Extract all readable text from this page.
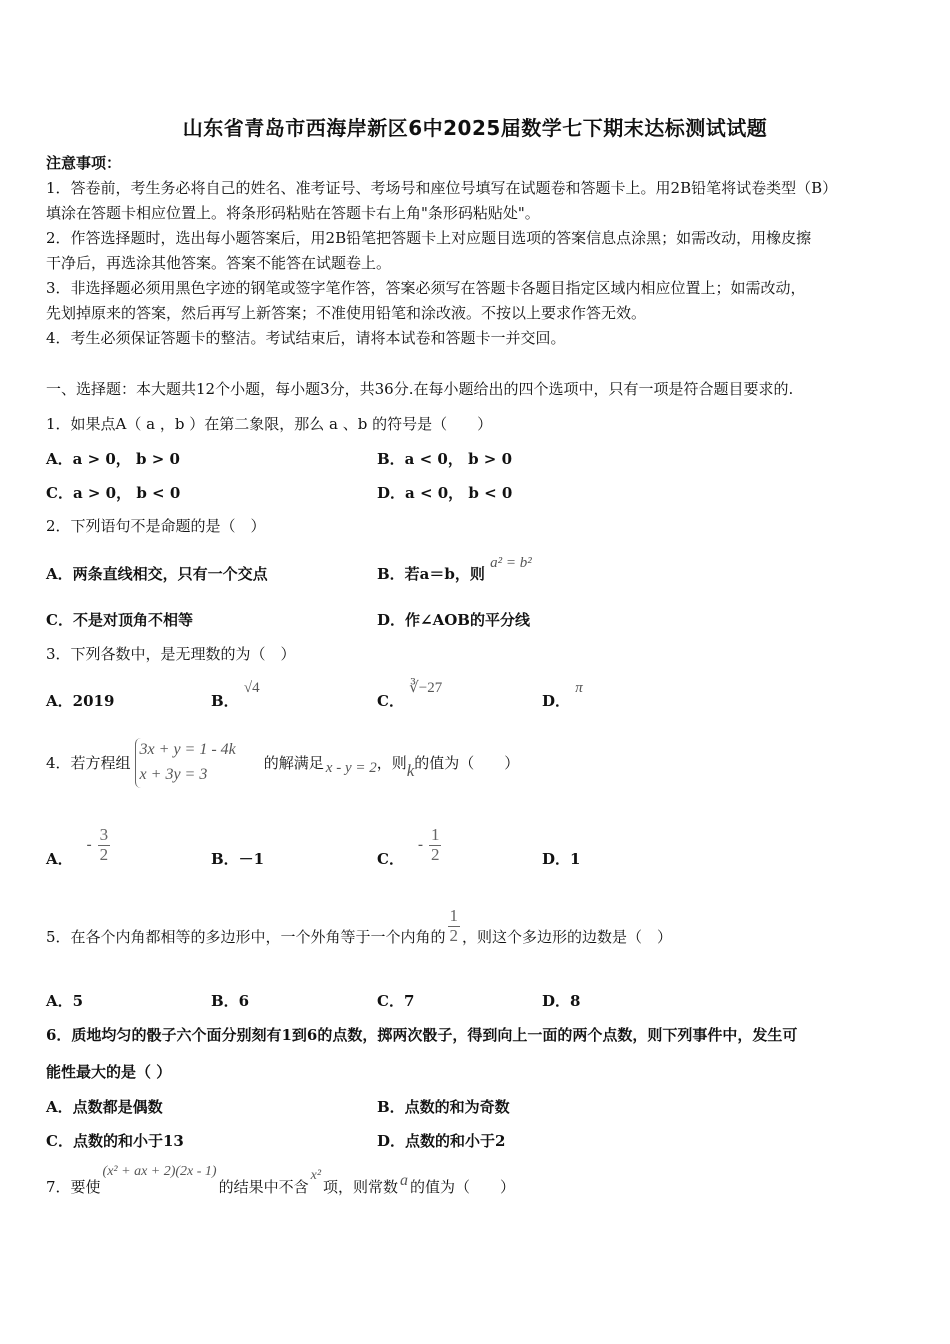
山东省青岛市西海岸新区6中2025届数学七下期末达标测试试题
注意事项：
1．答卷前，考生务必将自己的姓名、准考证号、考场号和座位号填写在试题卷和答题卡上。用2B铅笔将试卷类型（B）
填涂在答题卡相应位置上。将条形码粘贴在答题卡右上角"条形码粘贴处"。
2．作答选择题时，选出每小题答案后，用2B铅笔把答题卡上对应题目选项的答案信息点涂黑；如需改动，用橡皮擦
干净后，再选涂其他答案。答案不能答在试题卷上。
3．非选择题必须用黑色字迹的钢笔或签字笔作答，答案必须写在答题卡各题目指定区域内相应位置上；如需改动，
先划掉原来的答案，然后再写上新答案；不准使用铅笔和涂改液。不按以上要求作答无效。
4．考生必须保证答题卡的整洁。考试结束后，请将本试卷和答题卡一并交回。
一、选择题：本大题共12个小题，每小题3分，共36分.在每小题给出的四个选项中，只有一项是符合题目要求的.
1．如果点A（ a ，b ）在第二象限，那么 a 、b 的符号是（　　）
A．a > 0， b > 0	B．a < 0， b > 0
C．a > 0， b < 0	D．a < 0， b < 0
2．下列语句不是命题的是（　）
A．两条直线相交，只有一个交点	B．若a＝b，则 a² = b²
C．不是对顶角不相等	D．作∠AOB的平分线
3．下列各数中，是无理数的为（　）
A．2019	B． √4
C． ∛−27
D． π
4．若方程组
3x + y = 1 - 4k
x + 3y = 3
的解满足 x - y = 2 ，则 k 的值为（　　）
A．
- $\frac{3}{2}$	B．－1	C．
- $\frac{1}{2}$	D．1
5．在各个内角都相等的多边形中，一个外角等于一个内角的 $\frac{1}{2}$ ，则这个多边形的边数是（　）
A．5	B．6	C．7	D．8
6．质地均匀的骰子六个面分别刻有1到6的点数，掷两次骰子，得到向上一面的两个点数，则下列事件中，发生可
能性最大的是（ ）
A．点数都是偶数	B．点数的和为奇数
C．点数的和小于13	D．点数的和小于2
7．要使
(x² + ax + 2)(2x - 1)
的结果中不含
x²
项，则常数 a 的值为（　　）
